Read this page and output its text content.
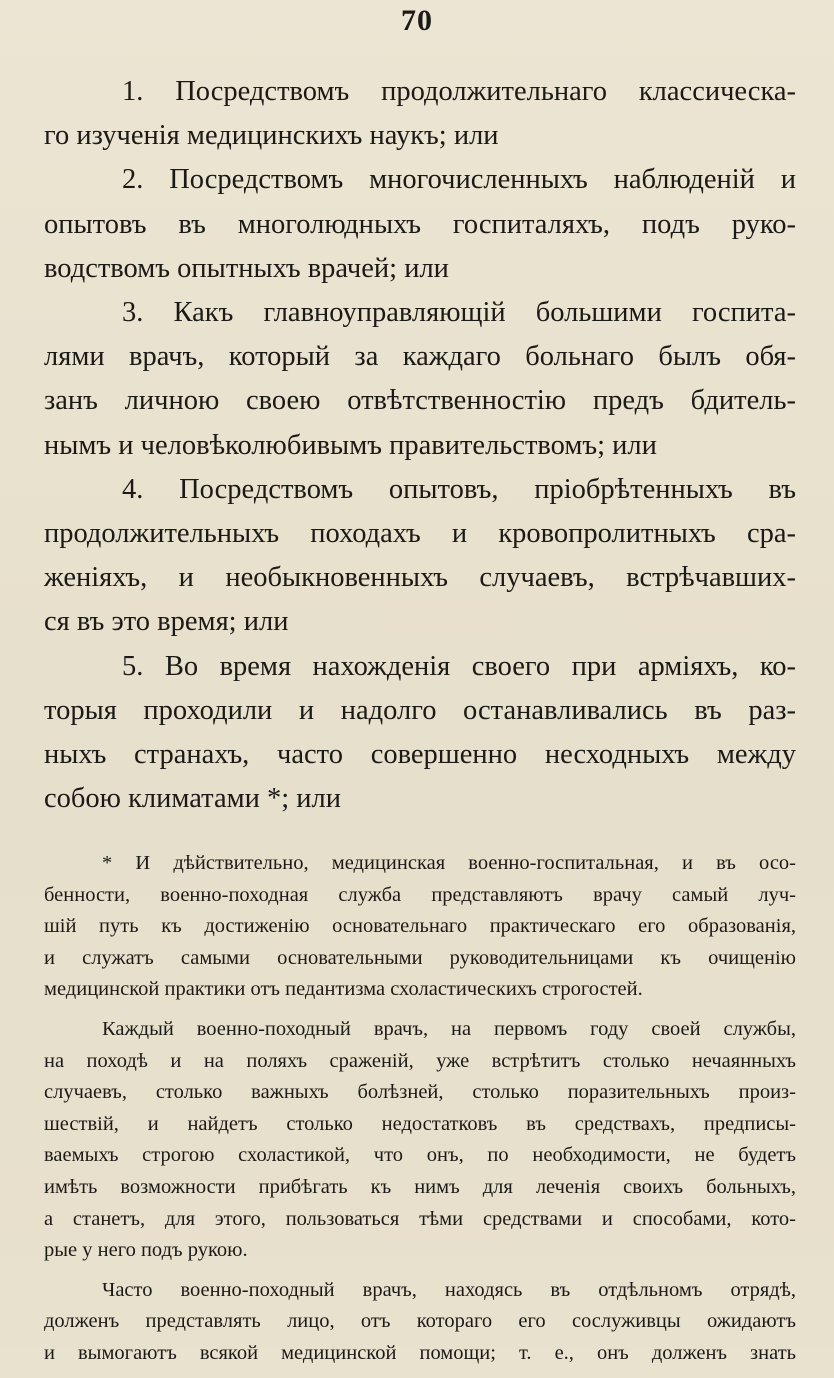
70
1. Посредствомъ продолжительнаго классическа-
го изученія медицинскихъ наукъ; или
2. Посредствомъ многочисленныхъ наблюденій и
опытовъ въ многолюдныхъ госпиталяхъ, подъ руко-
водствомъ опытныхъ врачей; или
3. Какъ главноуправляющій большими госпита-
лями врачъ, который за каждаго больнаго былъ обя-
занъ личною своею отвѣтственностію предъ бдитель-
нымъ и человѣколюбивымъ правительствомъ; или
4. Посредствомъ опытовъ, пріобрѣтенныхъ въ
продолжительныхъ походахъ и кровопролитныхъ сра-
женіяхъ, и необыкновенныхъ случаевъ, встрѣчавших-
ся въ это время; или
5. Во время нахожденія своего при арміяхъ, ко-
торыя проходили и надолго останавливались въ раз-
ныхъ странахъ, часто совершенно несходныхъ между
собою климатами *; или
* И дѣйствительно, медицинская военно-госпитальная, и въ осо-
бенности, военно-походная служба представляютъ врачу самый луч-
шій путь къ достиженію основательнаго практическаго его образованія,
и служатъ самыми основательными руководительницами къ очищенію
медицинской практики отъ педантизма схоластическихъ строгостей.
Каждый военно-походный врачъ, на первомъ году своей службы,
на походѣ и на поляхъ сраженій, уже встрѣтитъ столько нечаянныхъ
случаевъ, столько важныхъ болѣзней, столько поразительныхъ произ-
шествій, и найдетъ столько недостатковъ въ средствахъ, предписы-
ваемыхъ строгою схоластикой, что онъ, по необходимости, не будетъ
имѣть возможности прибѣгать къ нимъ для леченія своихъ больныхъ,
а станетъ, для этого, пользоваться тѣми средствами и способами, кото-
рые у него подъ рукою.
Часто военно-походный врачъ, находясь въ отдѣльномъ отрядѣ,
долженъ представлять лицо, отъ котораго его сослуживцы ожидаютъ
и вымогаютъ всякой медицинской помощи; т. е., онъ долженъ знать
